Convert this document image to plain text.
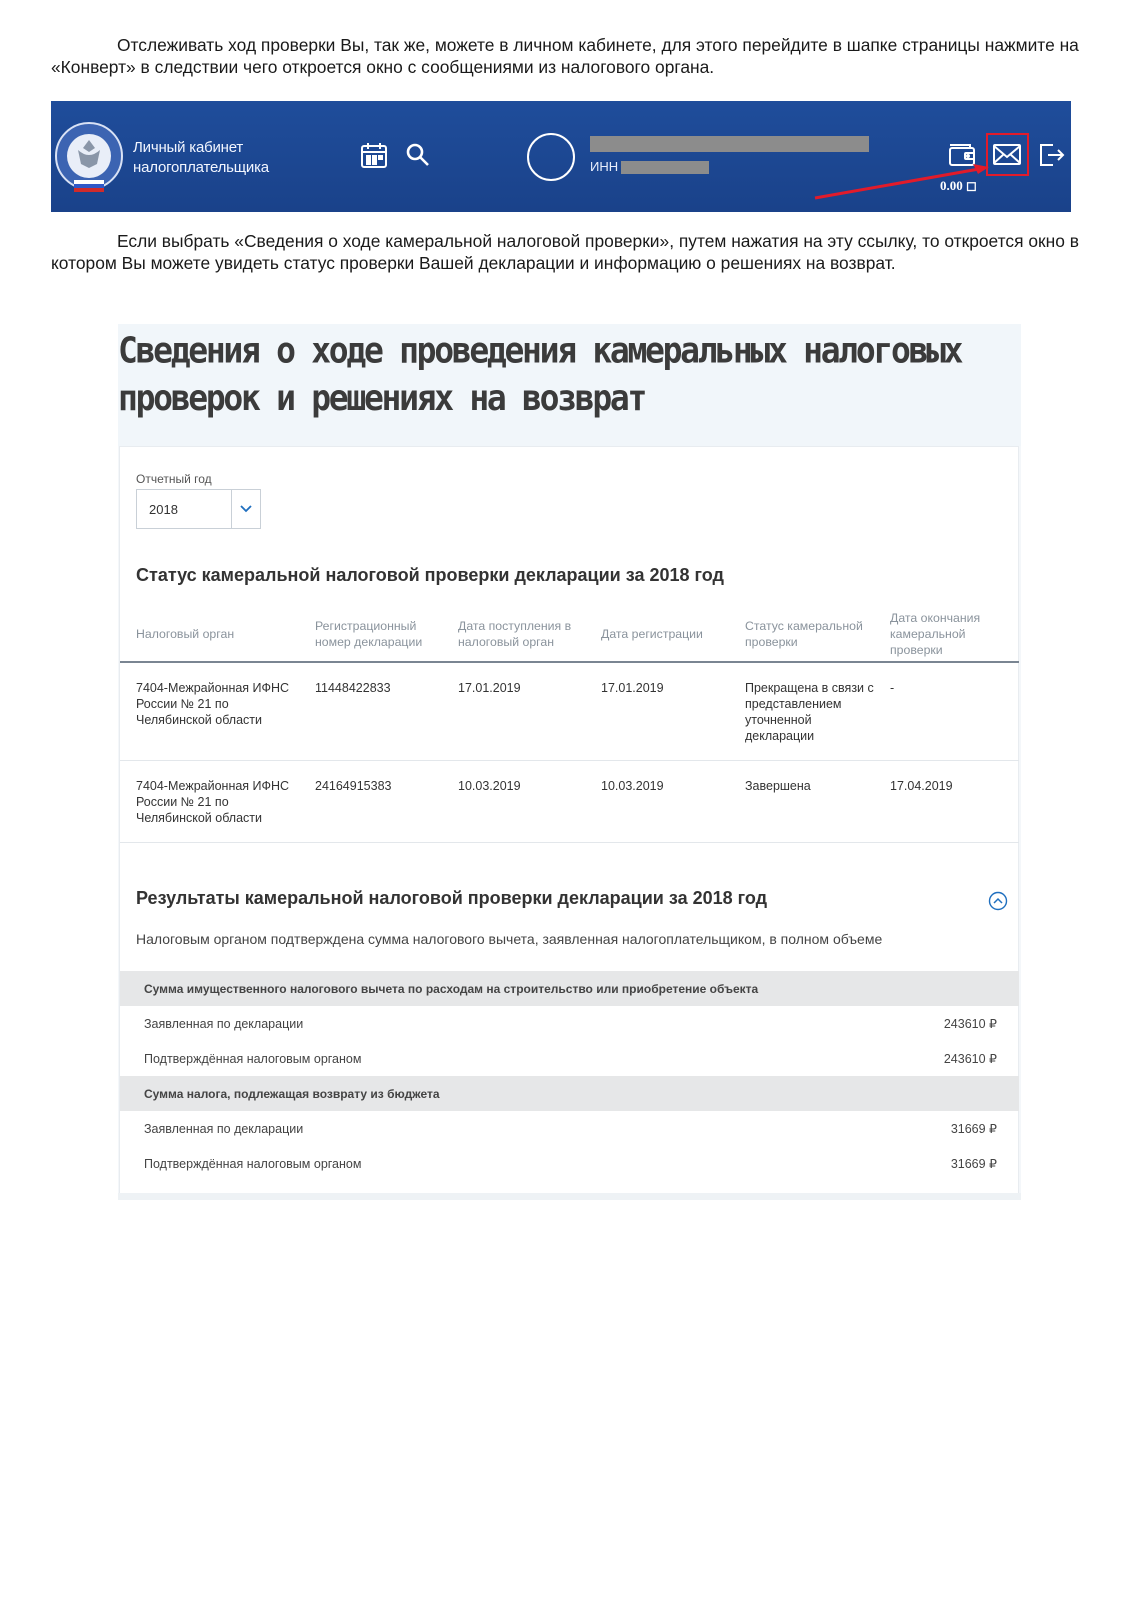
Отслеживать ход проверки Вы, так же, можете в личном кабинете, для этого перейдите в шапке страницы нажмите на «Конверт» в следствии чего откроется окно с сообщениями из налогового органа.

Личный кабинет
налогоплательщика	ИНН
0.00 ◻

Если выбрать «Сведения о ходе камеральной налоговой проверки», путем нажатия на эту ссылку, то откроется окно в котором Вы можете увидеть статус проверки Вашей декларации и информацию о решениях на возврат.

Сведения о ходе проведения камеральных налоговых проверок и решениях на возврат
Отчетный год
2018
Статус камеральной налоговой проверки декларации за 2018 год
Налоговый орган	Регистрационный номер декларации	Дата поступления в налоговый орган	Дата регистрации	Статус камеральной проверки	Дата окончания камеральной проверки
7404-Межрайонная ИФНС России № 21 по Челябинской области	11448422833	17.01.2019	17.01.2019	Прекращена в связи с представлением уточненной декларации	-
7404-Межрайонная ИФНС России № 21 по Челябинской области	24164915383	10.03.2019	10.03.2019	Завершена	17.04.2019
Результаты камеральной налоговой проверки декларации за 2018 год
Налоговым органом подтверждена сумма налогового вычета, заявленная налогоплательщиком, в полном объеме
Сумма имущественного налогового вычета по расходам на строительство или приобретение объекта
Заявленная по декларации	243610 ₽
Подтверждённая налоговым органом	243610 ₽
Сумма налога, подлежащая возврату из бюджета
Заявленная по декларации	31669 ₽
Подтверждённая налоговым органом	31669 ₽
